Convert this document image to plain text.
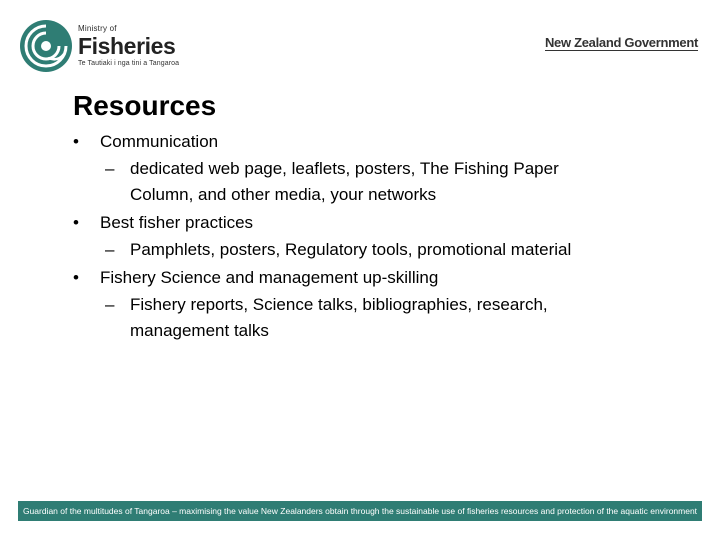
Ministry of
Fisheries
Te Tautiaki i nga tini a Tangaroa
New Zealand Government
Resources
• Communication
– dedicated web page, leaflets, posters, The Fishing Paper
Column, and other media, your networks
• Best fisher practices
– Pamphlets, posters, Regulatory tools, promotional material
• Fishery Science and management up-skilling
– Fishery reports, Science talks, bibliographies, research,
management talks
Guardian of the multitudes of Tangaroa – maximising the value New Zealanders obtain through the sustainable use of fisheries resources and protection of the aquatic environment
